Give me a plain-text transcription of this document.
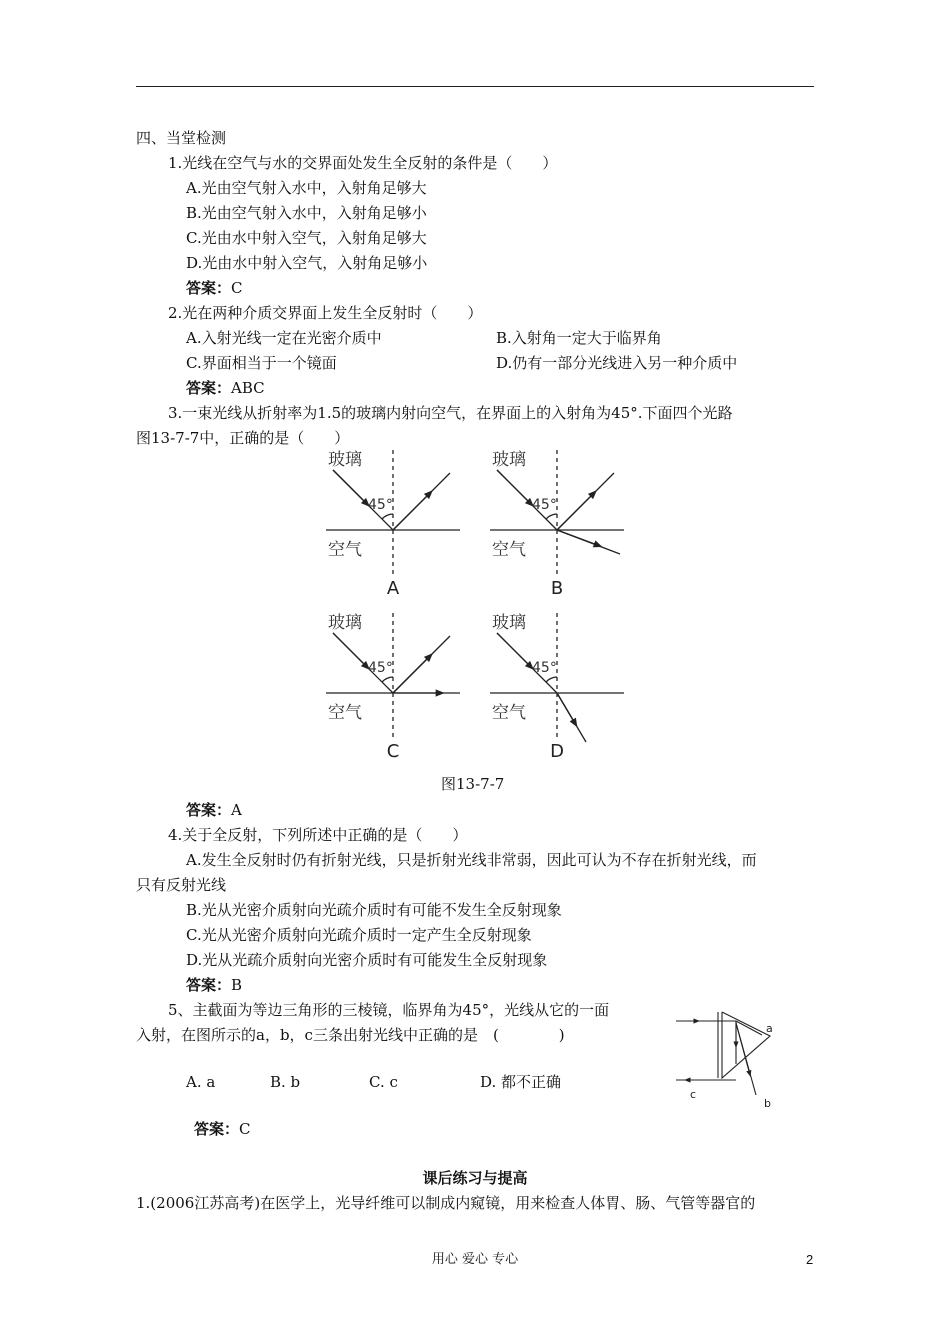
四、当堂检测
1.光线在空气与水的交界面处发生全反射的条件是（　　）
A.光由空气射入水中，入射角足够大
B.光由空气射入水中，入射角足够小
C.光由水中射入空气，入射角足够大
D.光由水中射入空气，入射角足够小
答案：C
2.光在两种介质交界面上发生全反射时（　　）
A.入射光线一定在光密介质中	B.入射角一定大于临界角
C.界面相当于一个镜面	D.仍有一部分光线进入另一种介质中
答案：ABC
3.一束光线从折射率为1.5的玻璃内射向空气，在界面上的入射角为45°.下面四个光路
图13-7-7中，正确的是（　　）
玻璃
45°
空气
玻璃
45°
空气
玻璃
45°
空气
玻璃
45°
空气
A	B
C	D
图13-7-7
答案：A
4.关于全反射，下列所述中正确的是（　　）
A.发生全反射时仍有折射光线，只是折射光线非常弱，因此可认为不存在折射光线，而
只有反射光线
B.光从光密介质射向光疏介质时有可能不发生全反射现象
C.光从光密介质射向光疏介质时一定产生全反射现象
D.光从光疏介质射向光密介质时有可能发生全反射现象
答案：B
5、主截面为等边三角形的三棱镜，临界角为45°，光线从它的一面
入射，在图所示的a，b，c三条出射光线中正确的是　(　　　　)
A. a	B. b	C. c	D. 都不正确
a
b
c
答案：C
课后练习与提高
1.(2006江苏高考)在医学上，光导纤维可以制成内窥镜，用来检查人体胃、肠、气管等器官的
用心 爱心 专心	2
